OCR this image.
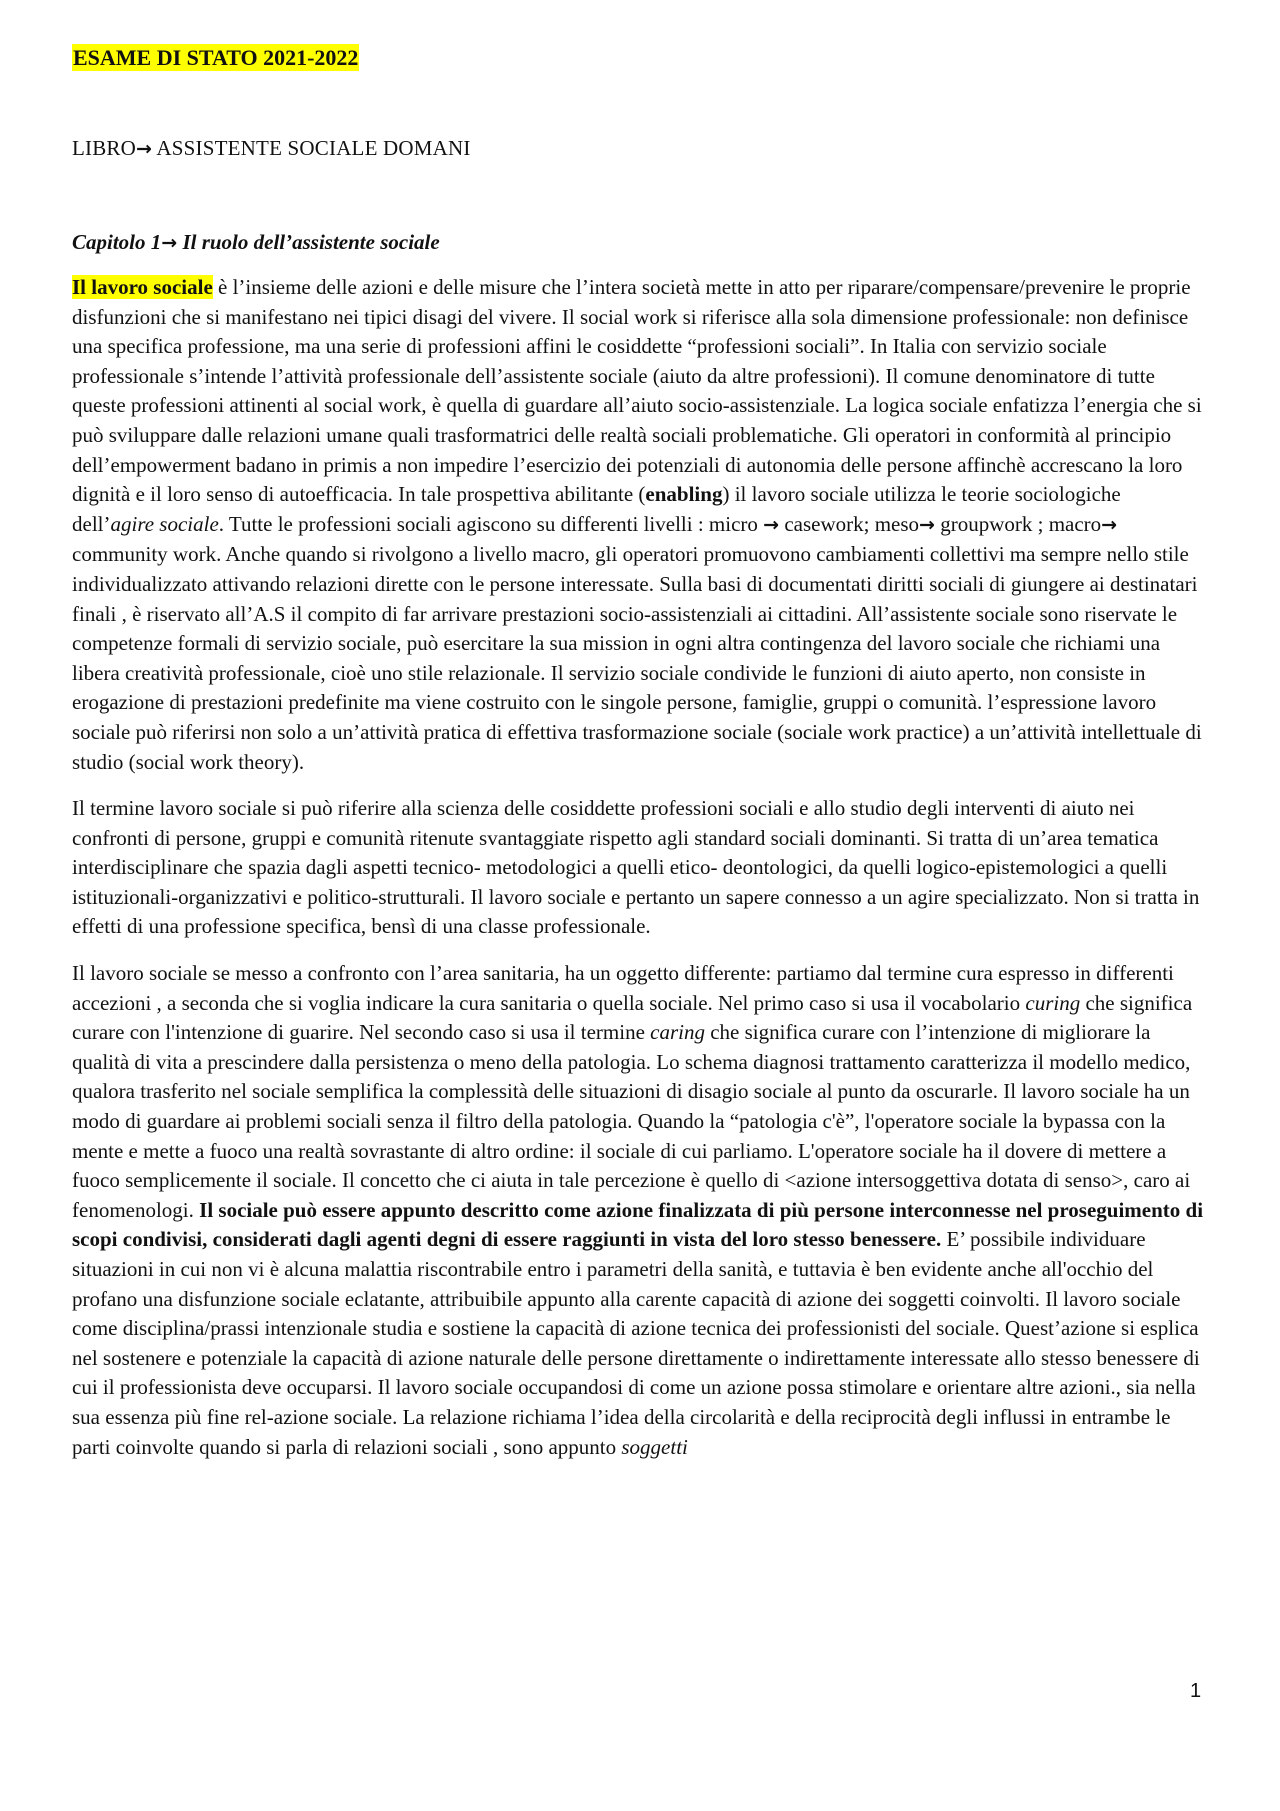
ESAME DI STATO 2021-2022
LIBRO→ ASSISTENTE SOCIALE DOMANI
Capitolo 1→ Il ruolo dell’assistente sociale

Il lavoro sociale è l’insieme delle azioni e delle misure che l’intera società mette in atto per riparare/compensare/prevenire le proprie disfunzioni che si manifestano nei tipici disagi del vivere. Il social work si riferisce alla sola dimensione professionale: non definisce una specifica professione, ma una serie di professioni affini le cosiddette “professioni sociali”. In Italia con servizio sociale professionale s’intende l’attività professionale dell’assistente sociale (aiuto da altre professioni). Il comune denominatore di tutte queste professioni attinenti al social work, è quella di guardare all’aiuto socio-assistenziale. La logica sociale enfatizza l’energia che si può sviluppare dalle relazioni umane quali trasformatrici delle realtà sociali problematiche. Gli operatori in conformità al principio dell’empowerment badano in primis a non impedire l’esercizio dei potenziali di autonomia delle persone affinchè accrescano la loro dignità e il loro senso di autoefficacia. In tale prospettiva abilitante (enabling) il lavoro sociale utilizza le teorie sociologiche dell’agire sociale. Tutte le professioni sociali agiscono su differenti livelli : micro → casework; meso→ groupwork ; macro→ community work. Anche quando si rivolgono a livello macro, gli operatori promuovono cambiamenti collettivi ma sempre nello stile individualizzato attivando relazioni dirette con le persone interessate. Sulla basi di documentati diritti sociali di giungere ai destinatari finali , è riservato all’A.S il compito di far arrivare prestazioni socio-assistenziali ai cittadini. All’assistente sociale sono riservate le competenze formali di servizio sociale, può esercitare la sua mission in ogni altra contingenza del lavoro sociale che richiami una libera creatività professionale, cioè uno stile relazionale. Il servizio sociale condivide le funzioni di aiuto aperto, non consiste in erogazione di prestazioni predefinite ma viene costruito con le singole persone, famiglie, gruppi o comunità. l’espressione lavoro sociale può riferirsi non solo a un’attività pratica di effettiva trasformazione sociale (sociale work practice) a un’attività intellettuale di studio (social work theory).

Il termine lavoro sociale si può riferire alla scienza delle cosiddette professioni sociali e allo studio degli interventi di aiuto nei confronti di persone, gruppi e comunità ritenute svantaggiate rispetto agli standard sociali dominanti. Si tratta di un’area tematica interdisciplinare che spazia dagli aspetti tecnico- metodologici a quelli etico- deontologici, da quelli logico-epistemologici a quelli istituzionali-organizzativi e politico-strutturali. Il lavoro sociale e pertanto un sapere connesso a un agire specializzato. Non si tratta in effetti di una professione specifica, bensì di una classe professionale.

Il lavoro sociale se messo a confronto con l’area sanitaria, ha un oggetto differente: partiamo dal termine cura espresso in differenti accezioni , a seconda che si voglia indicare la cura sanitaria o quella sociale. Nel primo caso si usa il vocabolario curing che significa curare con l'intenzione di guarire. Nel secondo caso si usa il termine caring che significa curare con l’intenzione di migliorare la qualità di vita a prescindere dalla persistenza o meno della patologia. Lo schema diagnosi trattamento caratterizza il modello medico, qualora trasferito nel sociale semplifica la complessità delle situazioni di disagio sociale al punto da oscurarle. Il lavoro sociale ha un modo di guardare ai problemi sociali senza il filtro della patologia. Quando la “patologia c'è”, l'operatore sociale la bypassa con la mente e mette a fuoco una realtà sovrastante di altro ordine: il sociale di cui parliamo. L'operatore sociale ha il dovere di mettere a fuoco semplicemente il sociale. Il concetto che ci aiuta in tale percezione è quello di <azione intersoggettiva dotata di senso>, caro ai fenomenologi. Il sociale può essere appunto descritto come azione finalizzata di più persone interconnesse nel proseguimento di scopi condivisi, considerati dagli agenti degni di essere raggiunti in vista del loro stesso benessere. E’ possibile individuare situazioni in cui non vi è alcuna malattia riscontrabile entro i parametri della sanità, e tuttavia è ben evidente anche all'occhio del profano una disfunzione sociale eclatante, attribuibile appunto alla carente capacità di azione dei soggetti coinvolti. Il lavoro sociale come disciplina/prassi intenzionale studia e sostiene la capacità di azione tecnica dei professionisti del sociale. Quest’azione si esplica nel sostenere e potenziale la capacità di azione naturale delle persone direttamente o indirettamente interessate allo stesso benessere di cui il professionista deve occuparsi. Il lavoro sociale occupandosi di come un azione possa stimolare e orientare altre azioni., sia nella sua essenza più fine rel-azione sociale. La relazione richiama l’idea della circolarità e della reciprocità degli influssi in entrambe le parti coinvolte quando si parla di relazioni sociali , sono appunto soggetti

1
